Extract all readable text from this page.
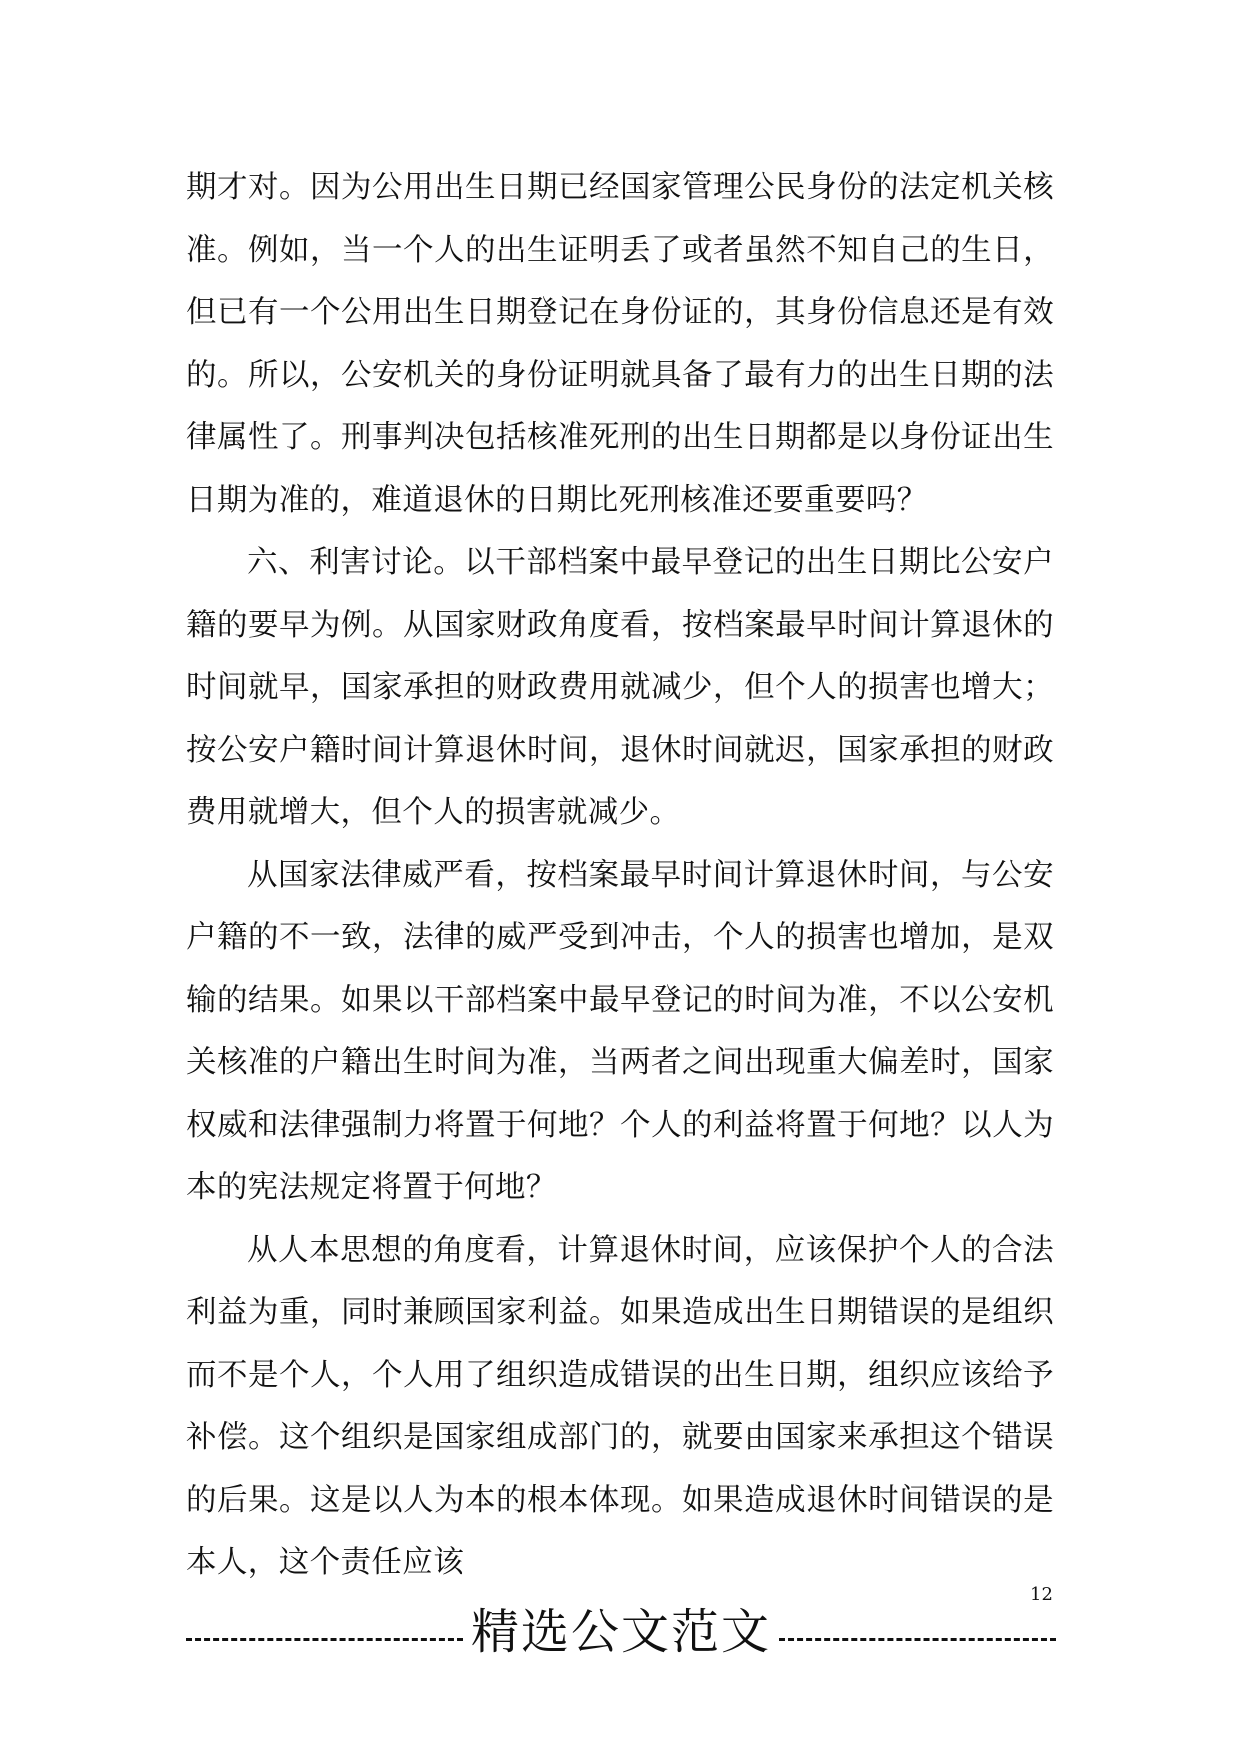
期才对。因为公用出生日期已经国家管理公民身份的法定机关核准。例如，当一个人的出生证明丢了或者虽然不知自己的生日，但已有一个公用出生日期登记在身份证的，其身份信息还是有效的。所以，公安机关的身份证明就具备了最有力的出生日期的法律属性了。刑事判决包括核准死刑的出生日期都是以身份证出生日期为准的，难道退休的日期比死刑核准还要重要吗？

六、利害讨论。以干部档案中最早登记的出生日期比公安户籍的要早为例。从国家财政角度看，按档案最早时间计算退休的时间就早，国家承担的财政费用就减少，但个人的损害也增大；按公安户籍时间计算退休时间，退休时间就迟，国家承担的财政费用就增大，但个人的损害就减少。

从国家法律威严看，按档案最早时间计算退休时间，与公安户籍的不一致，法律的威严受到冲击，个人的损害也增加，是双输的结果。如果以干部档案中最早登记的时间为准，不以公安机关核准的户籍出生时间为准，当两者之间出现重大偏差时，国家权威和法律强制力将置于何地？个人的利益将置于何地？以人为本的宪法规定将置于何地？

从人本思想的角度看，计算退休时间，应该保护个人的合法利益为重，同时兼顾国家利益。如果造成出生日期错误的是组织而不是个人，个人用了组织造成错误的出生日期，组织应该给予补偿。这个组织是国家组成部门的，就要由国家来承担这个错误的后果。这是以人为本的根本体现。如果造成退休时间错误的是本人，这个责任应该

12
精选公文范文
